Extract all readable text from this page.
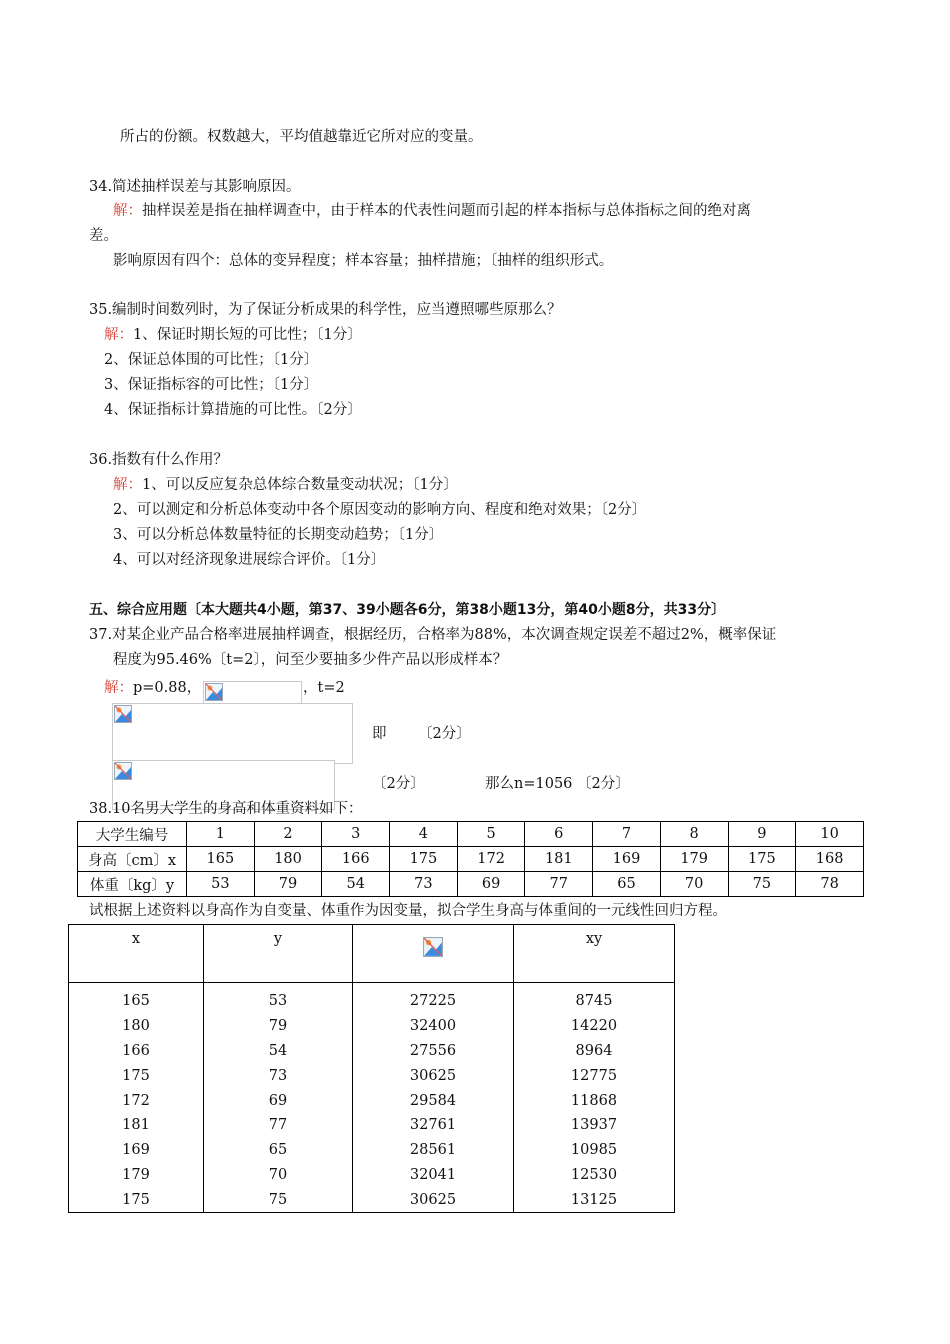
所占的份额。权数越大，平均值越靠近它所对应的变量。
34.简述抽样误差与其影响原因。
解：抽样误差是指在抽样调查中，由于样本的代表性问题而引起的样本指标与总体指标之间的绝对离
差。
影响原因有四个：总体的变异程度；样本容量；抽样措施；〔抽样的组织形式。
35.编制时间数列时，为了保证分析成果的科学性，应当遵照哪些原那么？
解：1、保证时期长短的可比性；〔1分〕
2、保证总体围的可比性；〔1分〕
3、保证指标容的可比性；〔1分〕
4、保证指标计算措施的可比性。〔2分〕
36.指数有什么作用？
解：1、可以反应复杂总体综合数量变动状况；〔1分〕
2、可以测定和分析总体变动中各个原因变动的影响方向、程度和绝对效果；〔2分〕
3、可以分析总体数量特征的长期变动趋势；〔1分〕
4、可以对经济现象进展综合评价。〔1分〕
五、综合应用题〔本大题共4小题，第37、39小题各6分，第38小题13分，第40小题8分，共33分〕
37.对某企业产品合格率进展抽样调查，根据经历，合格率为88%，本次调查规定误差不超过2%，概率保证
程度为95.46%〔t=2〕，问至少要抽多少件产品以形成样本？
解：p=0.88，	，t=2
即 〔2分〕
〔2分〕	那么n=1056 〔2分〕
38.10名男大学生的身高和体重资料如下：
大学生编号	1	2	3	4	5	6	7	8	9	10
身高〔cm〕x	165	180	166	175	172	181	169	179	175	168
体重〔kg〕y	53	79	54	73	69	77	65	70	75	78
试根据上述资料以身高作为自变量、体重作为因变量，拟合学生身高与体重间的一元线性回归方程。
x	y		xy
165	53	27225	8745
180	79	32400	14220
166	54	27556	8964
175	73	30625	12775
172	69	29584	11868
181	77	32761	13937
169	65	28561	10985
179	70	32041	12530
175	75	30625	13125
